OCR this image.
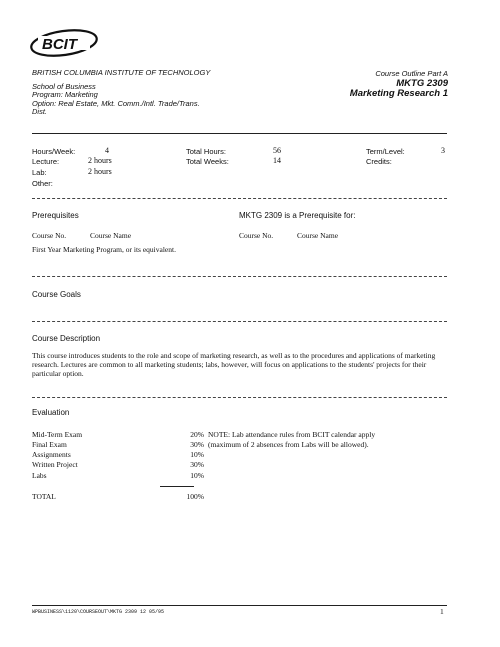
BCIT
BRITISH COLUMBIA INSTITUTE OF TECHNOLOGY
School of Business
Program: Marketing
Option: Real Estate, Mkt. Comm./Intl. Trade/Trans.
Dist.
Course Outline Part A
MKTG 2309
Marketing Research 1
Hours/Week:	4
Lecture:	2 hours
Lab:	2 hours
Other:
Total Hours:	56
Total Weeks:	14
Term/Level:	3
Credits:
Prerequisites	MKTG 2309 is a Prerequisite for:
Course No.	Course Name	Course No.	Course Name
First Year Marketing Program, or its equivalent.
Course Goals
Course Description
This course introduces students to the role and scope of marketing research, as well as to the procedures and applications of marketing research. Lectures are common to all marketing students; labs, however, will focus on applications to the students' projects for their particular option.
Evaluation
Mid-Term Exam	20%
Final Exam	30%
Assignments	10%
Written Project	30%
Labs	10%
TOTAL	100%
NOTE: Lab attendance rules from BCIT calendar apply
(maximum of 2 absences from Labs will be allowed).
WPBUSINESS\1120\COURSEOUT\MKTG 2309 12 05/95	1
